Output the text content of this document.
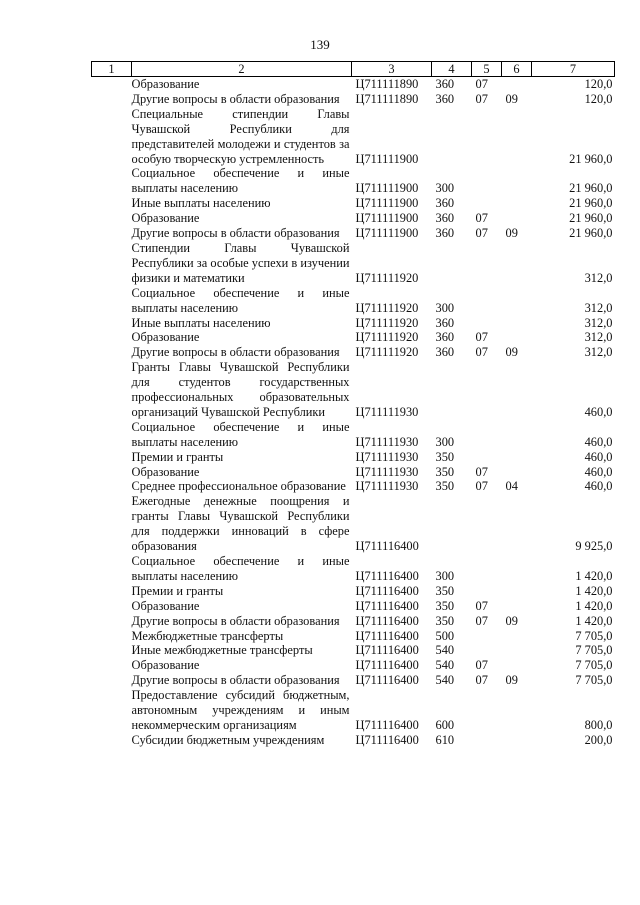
139
1	2	3	4	5	6	7
	Образование	Ц711111890	360	07		120,0
	Другие вопросы в области образования	Ц711111890	360	07	09	120,0
	Специальные стипендии Главы Чувашской Республики для представителей молодежи и студентов за особую творческую устремленность	Ц711111900				21 960,0
	Социальное обеспечение и иные выплаты населению	Ц711111900	300			21 960,0
	Иные выплаты населению	Ц711111900	360			21 960,0
	Образование	Ц711111900	360	07		21 960,0
	Другие вопросы в области образования	Ц711111900	360	07	09	21 960,0
	Стипендии Главы Чувашской Республики за особые успехи в изучении физики и математики	Ц711111920				312,0
	Социальное обеспечение и иные выплаты населению	Ц711111920	300			312,0
	Иные выплаты населению	Ц711111920	360			312,0
	Образование	Ц711111920	360	07		312,0
	Другие вопросы в области образования	Ц711111920	360	07	09	312,0
	Гранты Главы Чувашской Республики для студентов государственных профессиональных образовательных организаций Чувашской Республики	Ц711111930				460,0
	Социальное обеспечение и иные выплаты населению	Ц711111930	300			460,0
	Премии и гранты	Ц711111930	350			460,0
	Образование	Ц711111930	350	07		460,0
	Среднее профессиональное образование	Ц711111930	350	07	04	460,0
	Ежегодные денежные поощрения и гранты Главы Чувашской Республики для поддержки инноваций в сфере образования	Ц711116400				9 925,0
	Социальное обеспечение и иные выплаты населению	Ц711116400	300			1 420,0
	Премии и гранты	Ц711116400	350			1 420,0
	Образование	Ц711116400	350	07		1 420,0
	Другие вопросы в области образования	Ц711116400	350	07	09	1 420,0
	Межбюджетные трансферты	Ц711116400	500			7 705,0
	Иные межбюджетные трансферты	Ц711116400	540			7 705,0
	Образование	Ц711116400	540	07		7 705,0
	Другие вопросы в области образования	Ц711116400	540	07	09	7 705,0
	Предоставление субсидий бюджетным, автономным учреждениям и иным некоммерческим организациям	Ц711116400	600			800,0
	Субсидии бюджетным учреждениям	Ц711116400	610			200,0
